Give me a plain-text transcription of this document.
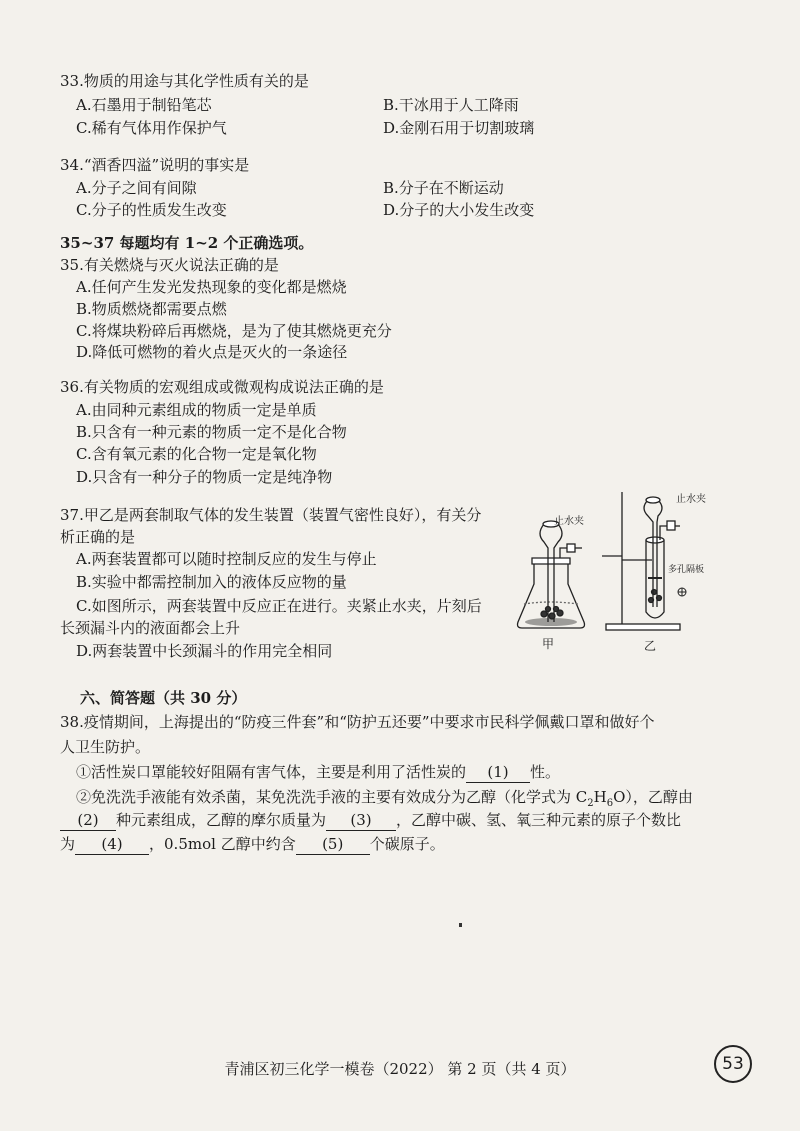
33.物质的用途与其化学性质有关的是
A.石墨用于制铅笔芯	B.干冰用于人工降雨
C.稀有气体用作保护气	D.金刚石用于切割玻璃
34.“酒香四溢”说明的事实是
A.分子之间有间隙	B.分子在不断运动
C.分子的性质发生改变	D.分子的大小发生改变
35~37 每题均有 1~2 个正确选项。
35.有关燃烧与灭火说法正确的是
A.任何产生发光发热现象的变化都是燃烧
B.物质燃烧都需要点燃
C.将煤块粉碎后再燃烧，是为了使其燃烧更充分
D.降低可燃物的着火点是灭火的一条途径
36.有关物质的宏观组成或微观构成说法正确的是
A.由同种元素组成的物质一定是单质
B.只含有一种元素的物质一定不是化合物
C.含有氧元素的化合物一定是氧化物
D.只含有一种分子的物质一定是纯净物
37.甲乙是两套制取气体的发生装置（装置气密性良好），有关分
析正确的是
A.两套装置都可以随时控制反应的发生与停止
B.实验中都需控制加入的液体反应物的量
C.如图所示，两套装置中反应正在进行。夹紧止水夹，片刻后
长颈漏斗内的液面都会上升
D.两套装置中长颈漏斗的作用完全相同
止水夹
甲
止水夹
多孔隔板
乙
六、简答题（共 30 分）
38.疫情期间，上海提出的“防疫三件套”和“防护五还要”中要求市民科学佩戴口罩和做好个
人卫生防护。
①活性炭口罩能较好阻隔有害气体，主要是利用了活性炭的 (1) 性。
②免洗洗手液能有效杀菌，某免洗洗手液的主要有效成分为乙醇（化学式为 $C_2H_6O$），乙醇由
(2) 种元素组成，乙醇的摩尔质量为 (3) ，乙醇中碳、氢、氧三种元素的原子个数比
为 (4) ，0.5mol 乙醇中约含 (5) 个碳原子。
青浦区初三化学一模卷（2022） 第 2 页（共 4 页）	53
